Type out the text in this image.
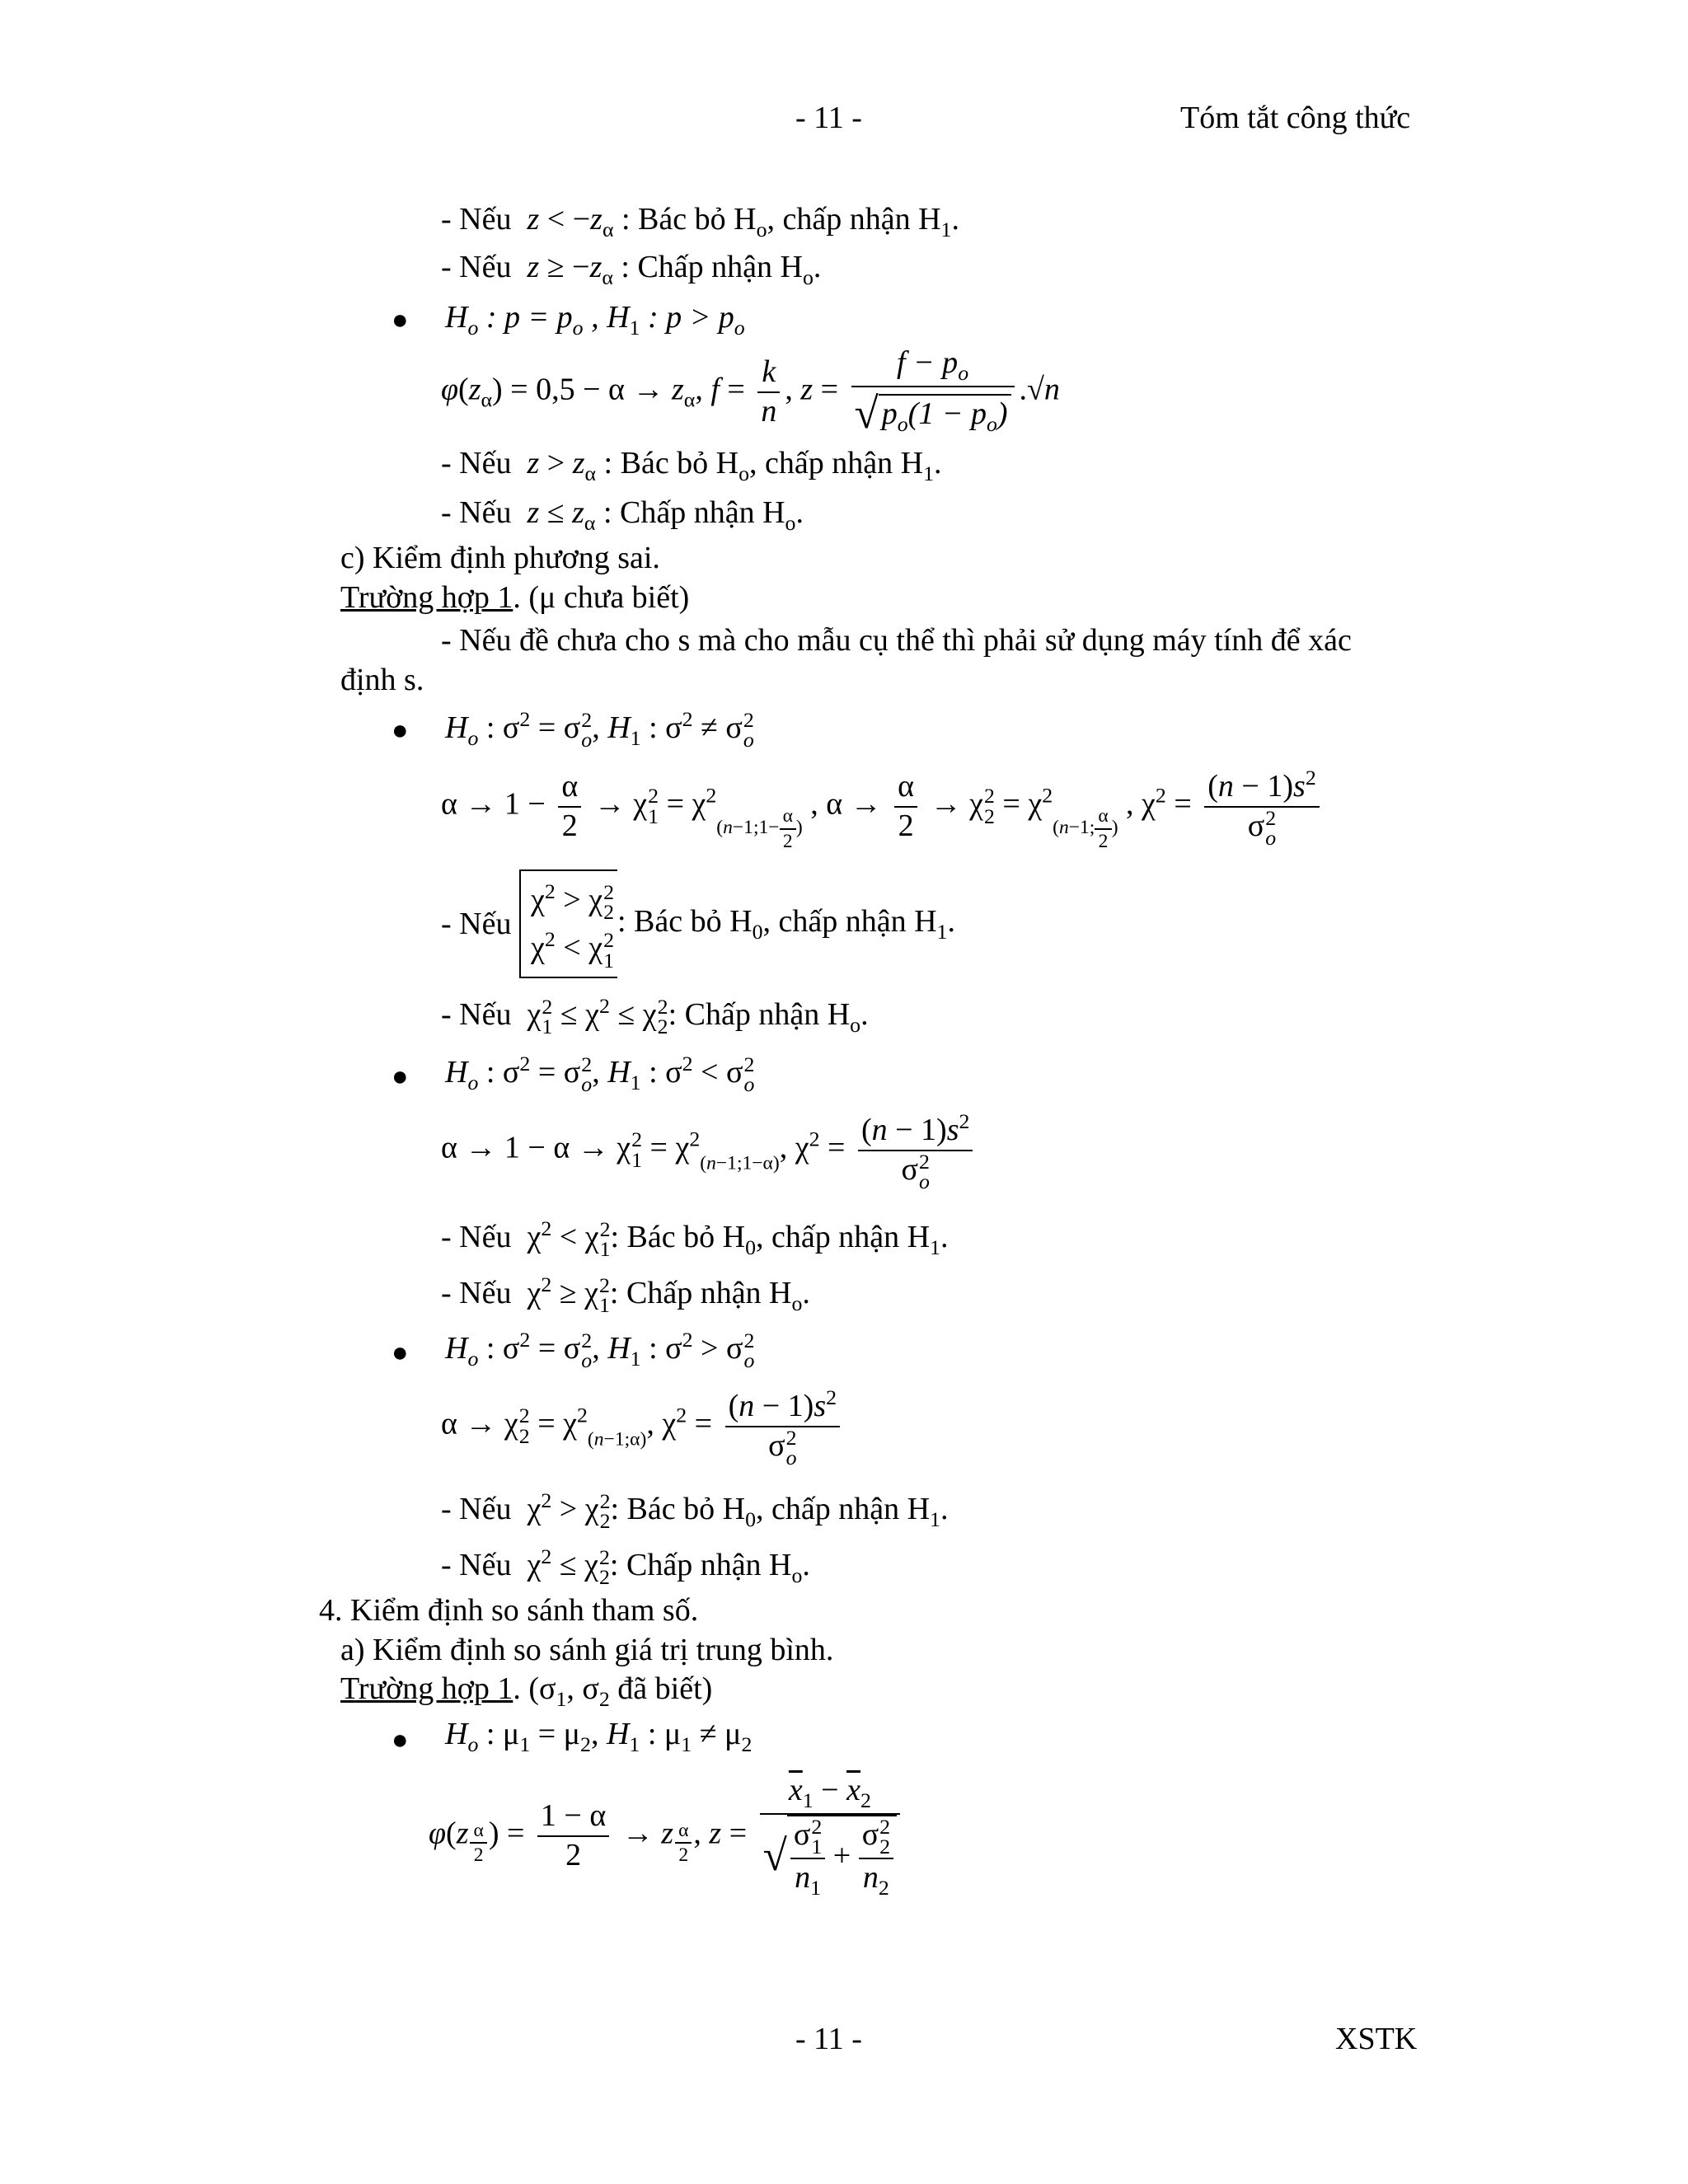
- 11 -	Tóm tắt công thức
- Nếu $z < -z_\alpha$ : Bác bỏ $H_o$, chấp nhận $H_1$.
- Nếu $z \ge -z_\alpha$ : Chấp nhận $H_o$.
● $H_o$ : $p = p_o$ , $H_1$ : $p > p_o$
$\varphi(z_\alpha) = 0,5 - \alpha \to z_\alpha$, $f = \frac{k}{n}$ , $z = \frac{f - p_o}{√ p_o(1 - p_o)} .√n$
- Nếu $z > z_\alpha$ : Bác bỏ $H_o$, chấp nhận $H_1$.
- Nếu $z \le z_\alpha$ : Chấp nhận $H_o$.
c) Kiểm định phương sai.
Trường hợp 1. (μ chưa biết)
- Nếu đề chưa cho s mà cho mẫu cụ thể thì phải sử dụng máy tính để xác
định s.
● $H_o$ : $\sigma^2 = \sigma$ 2
o , $H_1$ : $\sigma^2 \ne \sigma$ 2
o
$\alpha \to 1 - \frac{\alpha}{2} \to \chi$ 2
$1 = \chi^2_{(n-1;1- \frac{\alpha}{2} )}$ , $\alpha \to \frac{\alpha}{2} \to \chi$ 2
$2 = \chi^2_{(n-1; \frac{\alpha}{2} )}$ , $\chi^2 = (n - 1)s^2$
σ 2
o
- Nếu $\chi^2 > \chi$ 2
2

$\chi^2 < \chi$ 2
1
: Bác bỏ $H_0$, chấp nhận $H_1$.
- Nếu  χ 2
$1 \le \chi^2 \le \chi$ 2
2 : Chấp nhận $H_o$.
● $H_o$ : $\sigma^2 = \sigma$ 2
o , $H_1$ : $\sigma^2 < \sigma$ 2
o
α → 1 − α → χ 2
$1 = \chi^2_{(n-1;1-\alpha)}$, $\chi^2 = (n - 1)s^2$
σ 2
o
- Nếu  $\chi^2 < \chi$ 2
1 : Bác bỏ $H_0$, chấp nhận $H_1$.
- Nếu  $\chi^2 \ge \chi$ 2
1 : Chấp nhận $H_o$.
● $H_o$ : $\sigma^2 = \sigma$ 2
o , $H_1$ : $\sigma^2 > \sigma$ 2
o
α → χ 2
$2 = \chi^2_{(n-1;\alpha)}$, $\chi^2 = (n - 1)s^2$
σ 2
o
- Nếu  $\chi^2 > \chi$ 2
2 : Bác bỏ $H_0$, chấp nhận $H_1$.
- Nếu  $\chi^2 \le \chi$ 2
2 : Chấp nhận $H_o$.
4. Kiểm định so sánh tham số.
a) Kiểm định so sánh giá trị trung bình.
Trường hợp 1. ($\sigma_1$, $\sigma_2$ đã biết)
● $H_o$ : $\mu_1 = \mu_2$, $H_1$ : $\mu_1 \ne \mu_2$
$\varphi(z \frac{\alpha}{2}$ ) = $\frac{1 - \alpha}{2} \to z \frac{\alpha}{2}$ , $z = \overline{x}_1 - \overline{x}_2$
√ σ 2
1
$n_1 + \sigma$ 2
2
$n_2$
- 11 -	XSTK
